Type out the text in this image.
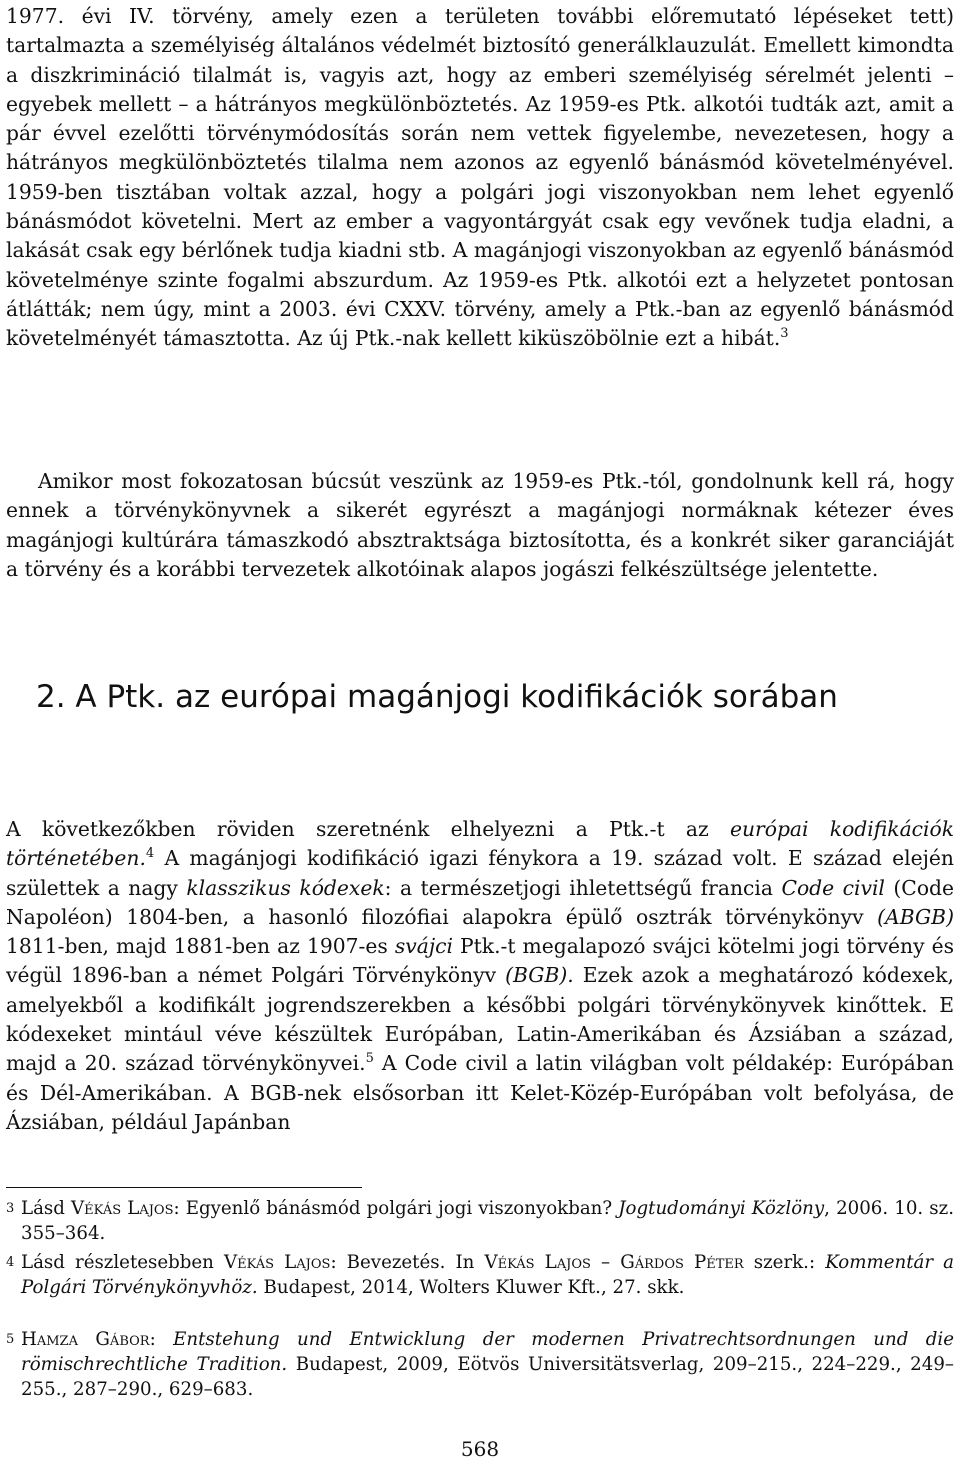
1977. évi IV. törvény, amely ezen a területen további előremutató lépéseket tett) tartalmazta a személyiség általános védelmét biztosító generálklauzulát. Emellett kimondta a diszkrimináció tilalmát is, vagyis azt, hogy az emberi személyiség sérelmét jelenti – egyebek mellett – a hátrányos megkülönböztetés. Az 1959-es Ptk. alkotói tudták azt, amit a pár évvel ezelőtti törvénymódosítás során nem vettek figyelembe, nevezetesen, hogy a hátrányos megkülönböztetés tilalma nem azonos az egyenlő bánásmód követelményével. 1959-ben tisztában voltak azzal, hogy a polgári jogi viszonyokban nem lehet egyenlő bánásmódot követelni. Mert az ember a vagyontárgyát csak egy vevőnek tudja eladni, a lakását csak egy bérlőnek tudja kiadni stb. A magánjogi viszonyokban az egyenlő bánásmód követelménye szinte fogalmi abszurdum. Az 1959-es Ptk. alkotói ezt a helyzetet pontosan átlátták; nem úgy, mint a 2003. évi CXXV. törvény, amely a Ptk.-ban az egyenlő bánásmód követelményét támasztotta. Az új Ptk.-nak kellett kiküszöbölnie ezt a hibát.$^3$

Amikor most fokozatosan búcsút veszünk az 1959-es Ptk.-tól, gondolnunk kell rá, hogy ennek a törvénykönyvnek a sikerét egyrészt a magánjogi normáknak kétezer éves magánjogi kultúrára támaszkodó absztraktsága biztosította, és a konkrét siker garanciáját a törvény és a korábbi tervezetek alkotóinak alapos jogászi felkészültsége jelentette.

2. A Ptk. az európai magánjogi kodifikációk sorában

A következőkben röviden szeretnénk elhelyezni a Ptk.-t az európai kodifikációk történetében.$^4$ A magánjogi kodifikáció igazi fénykora a 19. század volt. E század elején születtek a nagy klasszikus kódexek: a természetjogi ihletettségű francia Code civil (Code Napoléon) 1804-ben, a hasonló filozófiai alapokra épülő osztrák törvénykönyv (ABGB) 1811-ben, majd 1881-ben az 1907-es svájci Ptk.-t megalapozó svájci kötelmi jogi törvény és végül 1896-ban a német Polgári Törvénykönyv (BGB). Ezek azok a meghatározó kódexek, amelyekből a kodifikált jogrendszerekben a későbbi polgári törvénykönyvek kinőttek. E kódexeket mintául véve készültek Európában, Latin-Amerikában és Ázsiában a század, majd a 20. század törvénykönyvei.$^5$ A Code civil a latin világban volt példakép: Európában és Dél-Amerikában. A BGB-nek elsősorban itt Kelet-Közép-Európában volt befolyása, de Ázsiában, például Japánban

3 Lásd Vékás Lajos: Egyenlő bánásmód polgári jogi viszonyokban? Jogtudományi Közlöny, 2006. 10. sz. 355–364.
4 Lásd részletesebben Vékás Lajos: Bevezetés. In Vékás Lajos – Gárdos Péter szerk.: Kommentár a Polgári Törvénykönyvhöz. Budapest, 2014, Wolters Kluwer Kft., 27. skk.
5 Hamza Gábor: Entstehung und Entwicklung der modernen Privatrechtsordnungen und die römischrechtliche Tradition. Budapest, 2009, Eötvös Universitätsverlag, 209–215., 224–229., 249–255., 287–290., 629–683.
568
